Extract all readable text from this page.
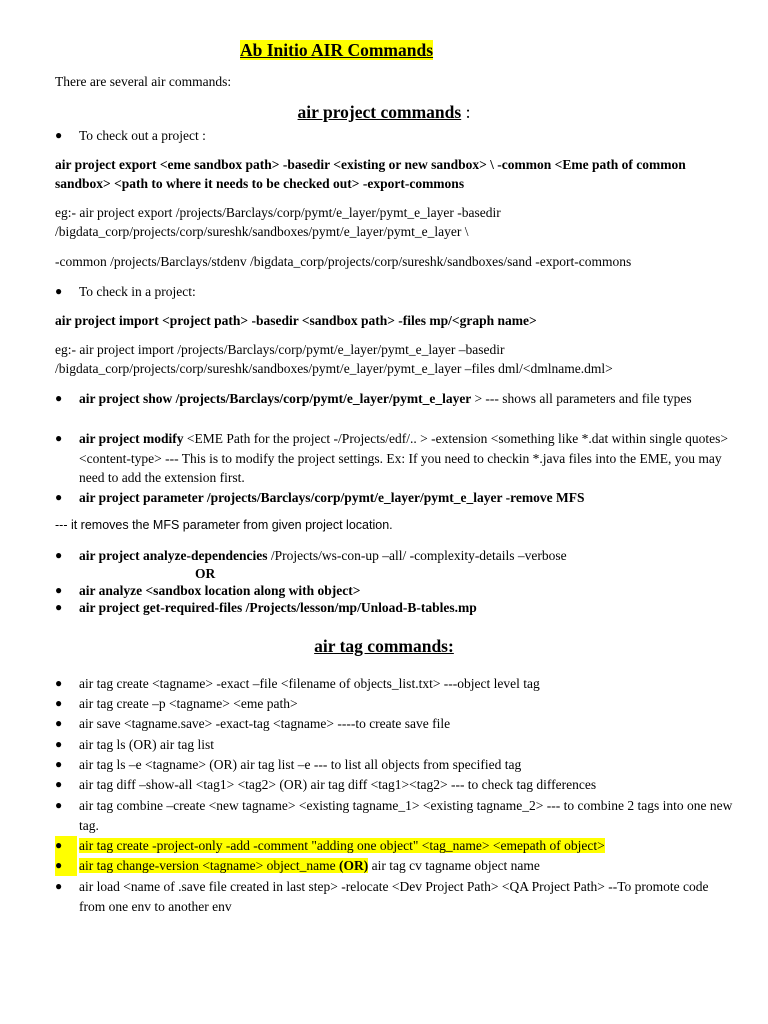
Ab Initio AIR Commands
There are several air commands:
air project commands :
●	To check out a project :
air project export <eme sandbox path> -basedir <existing or new sandbox> \ -common <Eme path of common sandbox> <path to where it needs to be checked out> -export-commons
eg:- air project export /projects/Barclays/corp/pymt/e_layer/pymt_e_layer -basedir
/bigdata_corp/projects/corp/sureshk/sandboxes/pymt/e_layer/pymt_e_layer \
-common /projects/Barclays/stdenv /bigdata_corp/projects/corp/sureshk/sandboxes/sand -export-commons
●	To check in a project:
air project import <project path> -basedir <sandbox path> -files mp/<graph name>
eg:- air project import /projects/Barclays/corp/pymt/e_layer/pymt_e_layer –basedir
/bigdata_corp/projects/corp/sureshk/sandboxes/pymt/e_layer/pymt_e_layer –files dml/<dmlname.dml>
●	air project show /projects/Barclays/corp/pymt/e_layer/pymt_e_layer > --- shows all parameters and file types
●	air project modify <EME Path for the project -/Projects/edf/.. > -extension <something like *.dat within single quotes><content-type> --- This is to modify the project settings. Ex: If you need to checkin *.java files into the EME, you may need to add the extension first.
●	air project parameter /projects/Barclays/corp/pymt/e_layer/pymt_e_layer -remove MFS
--- it removes the MFS parameter from given project location.
●	air project analyze-dependencies /Projects/ws-con-up –all/ -complexity-details –verbose
OR
●	air analyze <sandbox location along with object>
●	air project get-required-files /Projects/lesson/mp/Unload-B-tables.mp
air tag commands:
●	air tag create <tagname> -exact –file <filename of objects_list.txt> ---object level tag
●	air tag create –p <tagname> <eme path>
●	air save <tagname.save> -exact-tag <tagname> ----to create save file
●	air tag ls (OR) air tag list
●	air tag ls –e <tagname> (OR) air tag list –e --- to list all objects from specified tag
●	air tag diff –show-all <tag1> <tag2> (OR) air tag diff <tag1><tag2> --- to check tag differences
●	air tag combine –create <new tagname> <existing tagname_1> <existing tagname_2> --- to combine 2 tags into one new tag.
●	air tag create -project-only -add -comment "adding one object" <tag_name> <emepath of object>
●	air tag change-version <tagname> object_name (OR) air tag cv tagname object name
●	air load <name of .save file created in last step> -relocate <Dev Project Path> <QA Project Path> --To promote code from one env to another env
